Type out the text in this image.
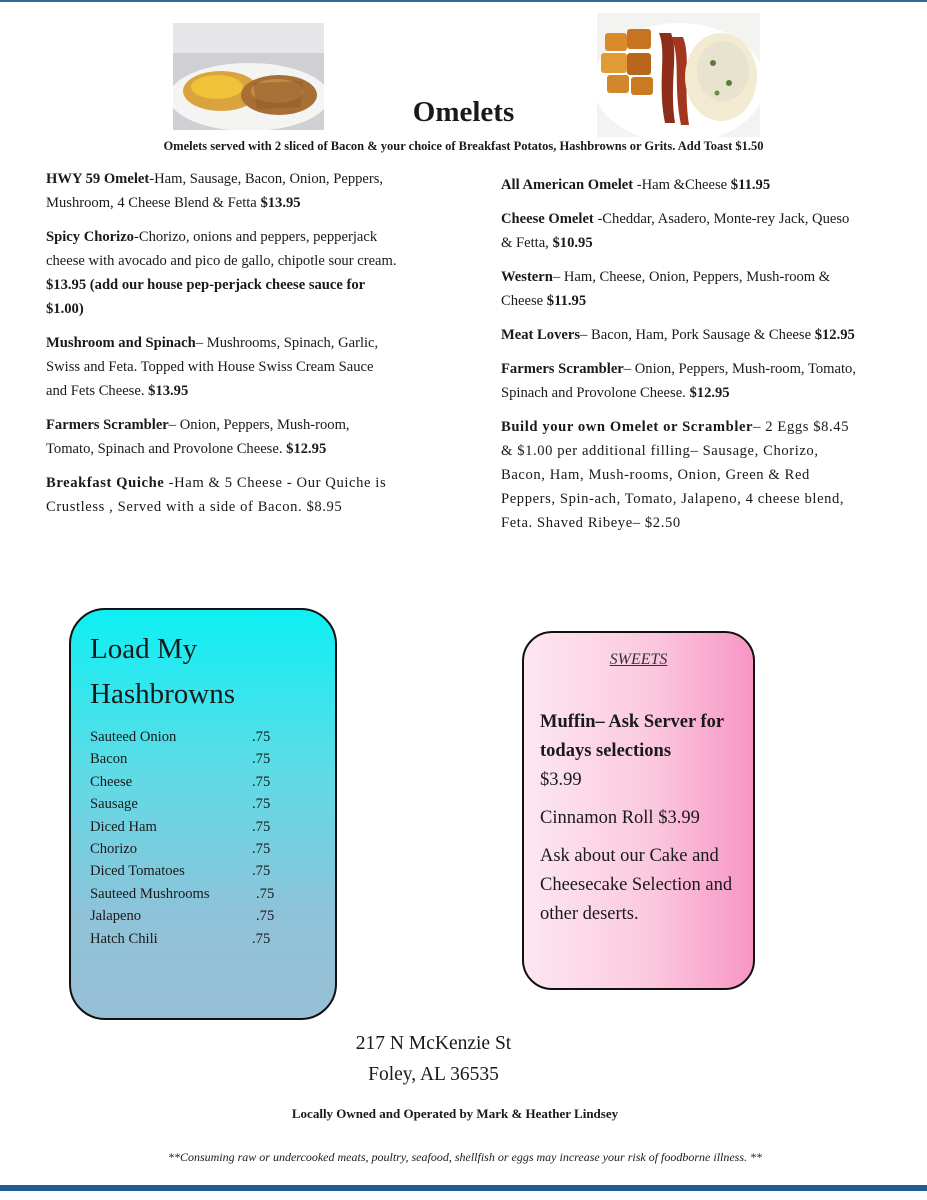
Omelets
Omelets served with 2 sliced of Bacon & your choice of Breakfast Potatos, Hashbrowns or Grits. Add Toast $1.50
HWY 59 Omelet-Ham, Sausage, Bacon, Onion, Peppers, Mushroom, 4 Cheese Blend & Fetta $13.95
Spicy Chorizo-Chorizo, onions and peppers, pepperjack cheese with avocado and pico de gallo, chipotle sour cream. $13.95 (add our house pep-perjack cheese sauce for $1.00)
Mushroom and Spinach– Mushrooms, Spinach, Garlic, Swiss and Feta. Topped with House Swiss Cream Sauce and Fets Cheese. $13.95
Farmers Scrambler– Onion, Peppers, Mush-room, Tomato, Spinach and Provolone Cheese. $12.95
Breakfast Quiche -Ham & 5 Cheese - Our Quiche is Crustless , Served with a side of Bacon. $8.95
All American Omelet -Ham &Cheese $11.95
Cheese Omelet -Cheddar, Asadero, Monte-rey Jack, Queso & Fetta, $10.95
Western– Ham, Cheese, Onion, Peppers, Mush-room & Cheese $11.95
Meat Lovers– Bacon, Ham, Pork Sausage & Cheese $12.95
Farmers Scrambler– Onion, Peppers, Mush-room, Tomato, Spinach and Provolone Cheese. $12.95
Build your own Omelet or Scrambler– 2 Eggs $8.45 & $1.00 per additional filling– Sausage, Chorizo, Bacon, Ham, Mush-rooms, Onion, Green & Red Peppers, Spin-ach, Tomato, Jalapeno, 4 cheese blend, Feta. Shaved Ribeye– $2.50
Load My
Hashbrowns
Sauteed Onion	.75
Bacon	.75
Cheese	.75
Sausage	.75
Diced Ham	.75
Chorizo	.75
Diced Tomatoes	.75
Sauteed Mushrooms	.75
Jalapeno	.75
Hatch Chili	.75
SWEETS

Muffin– Ask Server for todays selections
$3.99

Cinnamon Roll $3.99

Ask about our Cake and Cheesecake Selection and other deserts.

217 N McKenzie St
Foley, AL 36535
Locally Owned and Operated by Mark & Heather Lindsey
**Consuming raw or undercooked meats, poultry, seafood, shellfish or eggs may increase your risk of foodborne illness. **
